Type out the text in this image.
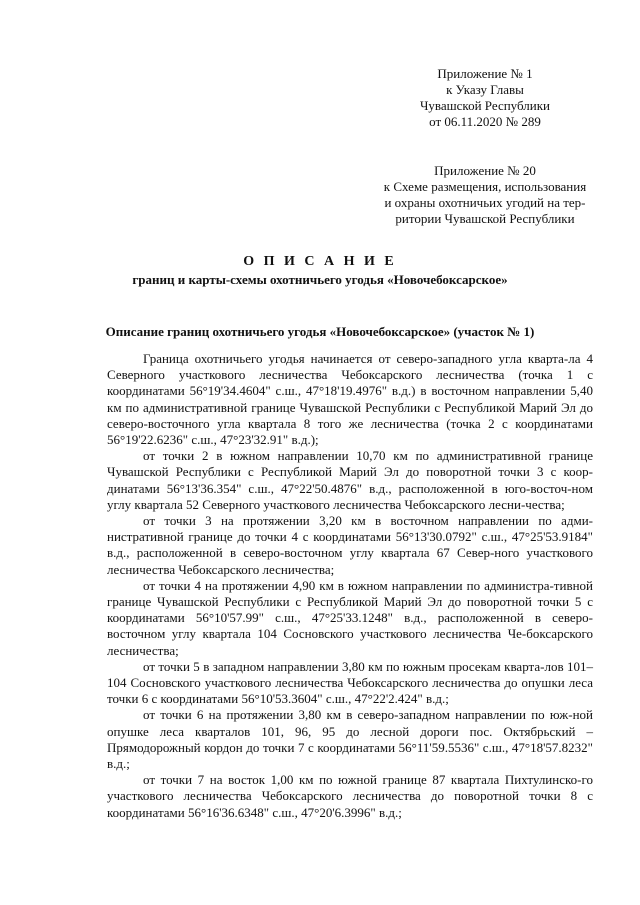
Приложение № 1
к Указу Главы
Чувашской Республики
от 06.11.2020 № 289
Приложение № 20
к Схеме размещения, использования
и охраны охотничьих угодий на тер-
ритории Чувашской Республики
О П И С А Н И Е
границ и карты-схемы охотничьего угодья «Новочебоксарское»
Описание границ охотничьего угодья «Новочебоксарское» (участок № 1)

Граница охотничьего угодья начинается от северо-западного угла кварта-ла 4 Северного участкового лесничества Чебоксарского лесничества (точка 1 с координатами 56°19'34.4604" с.ш., 47°18'19.4976" в.д.) в восточном направлении 5,40 км по административной границе Чувашской Республики с Республикой Марий Эл до северо-восточного угла квартала 8 того же лесничества (точка 2 с координатами 56°19'22.6236" с.ш., 47°23'32.91" в.д.);

от точки 2 в южном направлении 10,70 км по административной границе Чувашской Республики с Республикой Марий Эл до поворотной точки 3 с коор-динатами 56°13'36.354" с.ш., 47°22'50.4876" в.д., расположенной в юго-восточ-ном углу квартала 52 Северного участкового лесничества Чебоксарского лесни-чества;

от точки 3 на протяжении 3,20 км в восточном направлении по адми-нистративной границе до точки 4 с координатами 56°13'30.0792" с.ш., 47°25'53.9184" в.д., расположенной в северо-восточном углу квартала 67 Север-ного участкового лесничества Чебоксарского лесничества;

от точки 4 на протяжении 4,90 км в южном направлении по администра-тивной границе Чувашской Республики с Республикой Марий Эл до поворотной точки 5 с координатами 56°10'57.99" с.ш., 47°25'33.1248" в.д., расположенной в северо-восточном углу квартала 104 Сосновского участкового лесничества Че-боксарского лесничества;

от точки 5 в западном направлении 3,80 км по южным просекам кварта-лов 101–104 Сосновского участкового лесничества Чебоксарского лесничества до опушки леса точки 6 с координатами 56°10'53.3604" с.ш., 47°22'2.424" в.д.;

от точки 6 на протяжении 3,80 км в северо-западном направлении по юж-ной опушке леса кварталов 101, 96, 95 до лесной дороги пос. Октябрьский – Прямодорожный кордон до точки 7 с координатами 56°11'59.5536" с.ш., 47°18'57.8232" в.д.;

от точки 7 на восток 1,00 км по южной границе 87 квартала Пихтулинско-го участкового лесничества Чебоксарского лесничества до поворотной точки 8 с координатами 56°16'36.6348" с.ш., 47°20'6.3996" в.д.;
